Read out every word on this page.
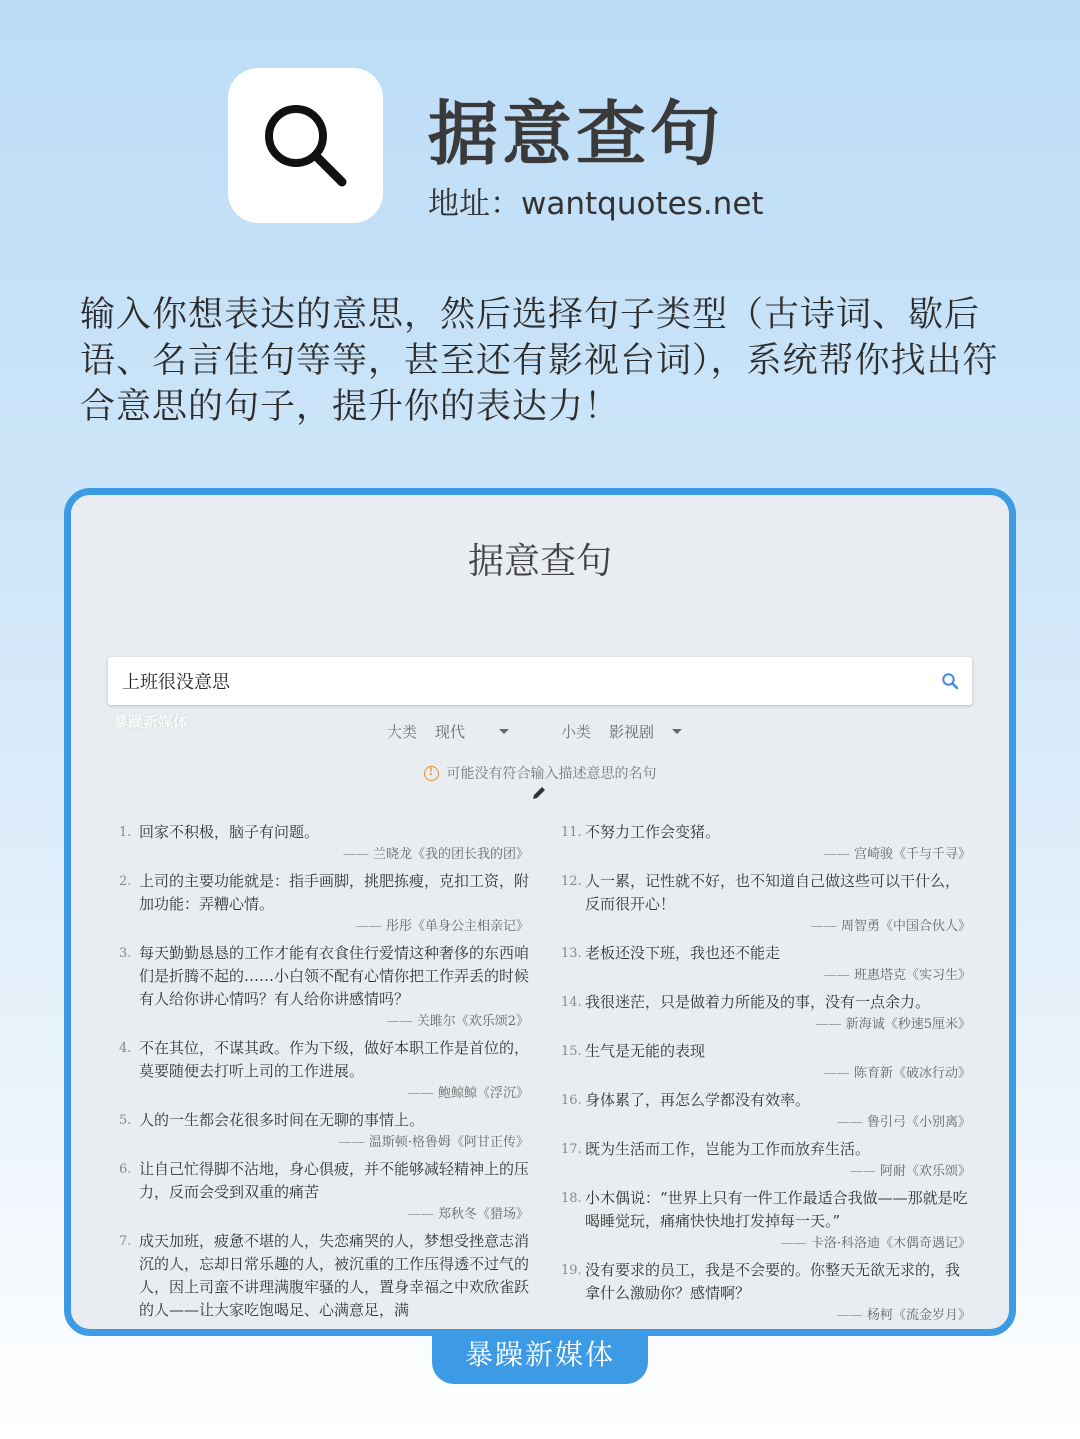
据意查句
地址：wantquotes.net
输入你想表达的意思，然后选择句子类型（古诗词、歇后语、名言佳句等等，甚至还有影视台词），系统帮你找出符合意思的句子，提升你的表达力！
据意查句
上班很没意思
暴躁新媒体
大类 现代	小类 影视剧
! 可能没有符合输入描述意思的名句
1. 回家不积极，脑子有问题。
—— 兰晓龙《我的团长我的团》
2. 上司的主要功能就是：指手画脚，挑肥拣瘦，克扣工资，附加功能：弄糟心情。
—— 彤彤《单身公主相亲记》
3. 每天勤勤恳恳的工作才能有衣食住行爱情这种奢侈的东西咱们是折腾不起的……小白领不配有心情你把工作弄丢的时候有人给你讲心情吗？有人给你讲感情吗？
—— 关雎尔《欢乐颂2》
4. 不在其位，不谋其政。作为下级，做好本职工作是首位的，莫要随便去打听上司的工作进展。
—— 鲍鲸鲸《浮沉》
5. 人的一生都会花很多时间在无聊的事情上。
—— 温斯顿·格鲁姆《阿甘正传》
6. 让自己忙得脚不沾地，身心俱疲，并不能够减轻精神上的压力，反而会受到双重的痛苦
—— 郑秋冬《猎场》
7. 成天加班，疲惫不堪的人，失恋痛哭的人，梦想受挫意志消沉的人，忘却日常乐趣的人，被沉重的工作压得透不过气的人，因上司蛮不讲理满腹牢骚的人，置身幸福之中欢欣雀跃的人——让大家吃饱喝足、心满意足，满
11. 不努力工作会变猪。
—— 宫崎骏《千与千寻》
12. 人一累，记性就不好，也不知道自己做这些可以干什么，反而很开心！
—— 周智勇《中国合伙人》
13. 老板还没下班，我也还不能走
—— 班惠塔克《实习生》
14. 我很迷茫，只是做着力所能及的事，没有一点余力。
—— 新海诚《秒速5厘米》
15. 生气是无能的表现
—— 陈育新《破冰行动》
16. 身体累了，再怎么学都没有效率。
—— 鲁引弓《小别离》
17. 既为生活而工作，岂能为工作而放弃生活。
—— 阿耐《欢乐颂》
18. 小木偶说：“世界上只有一件工作最适合我做——那就是吃喝睡觉玩，痛痛快快地打发掉每一天。”
—— 卡洛·科洛迪《木偶奇遇记》
19. 没有要求的员工，我是不会要的。你整天无欲无求的，我拿什么激励你？感情啊？
—— 杨柯《流金岁月》
暴躁新媒体
